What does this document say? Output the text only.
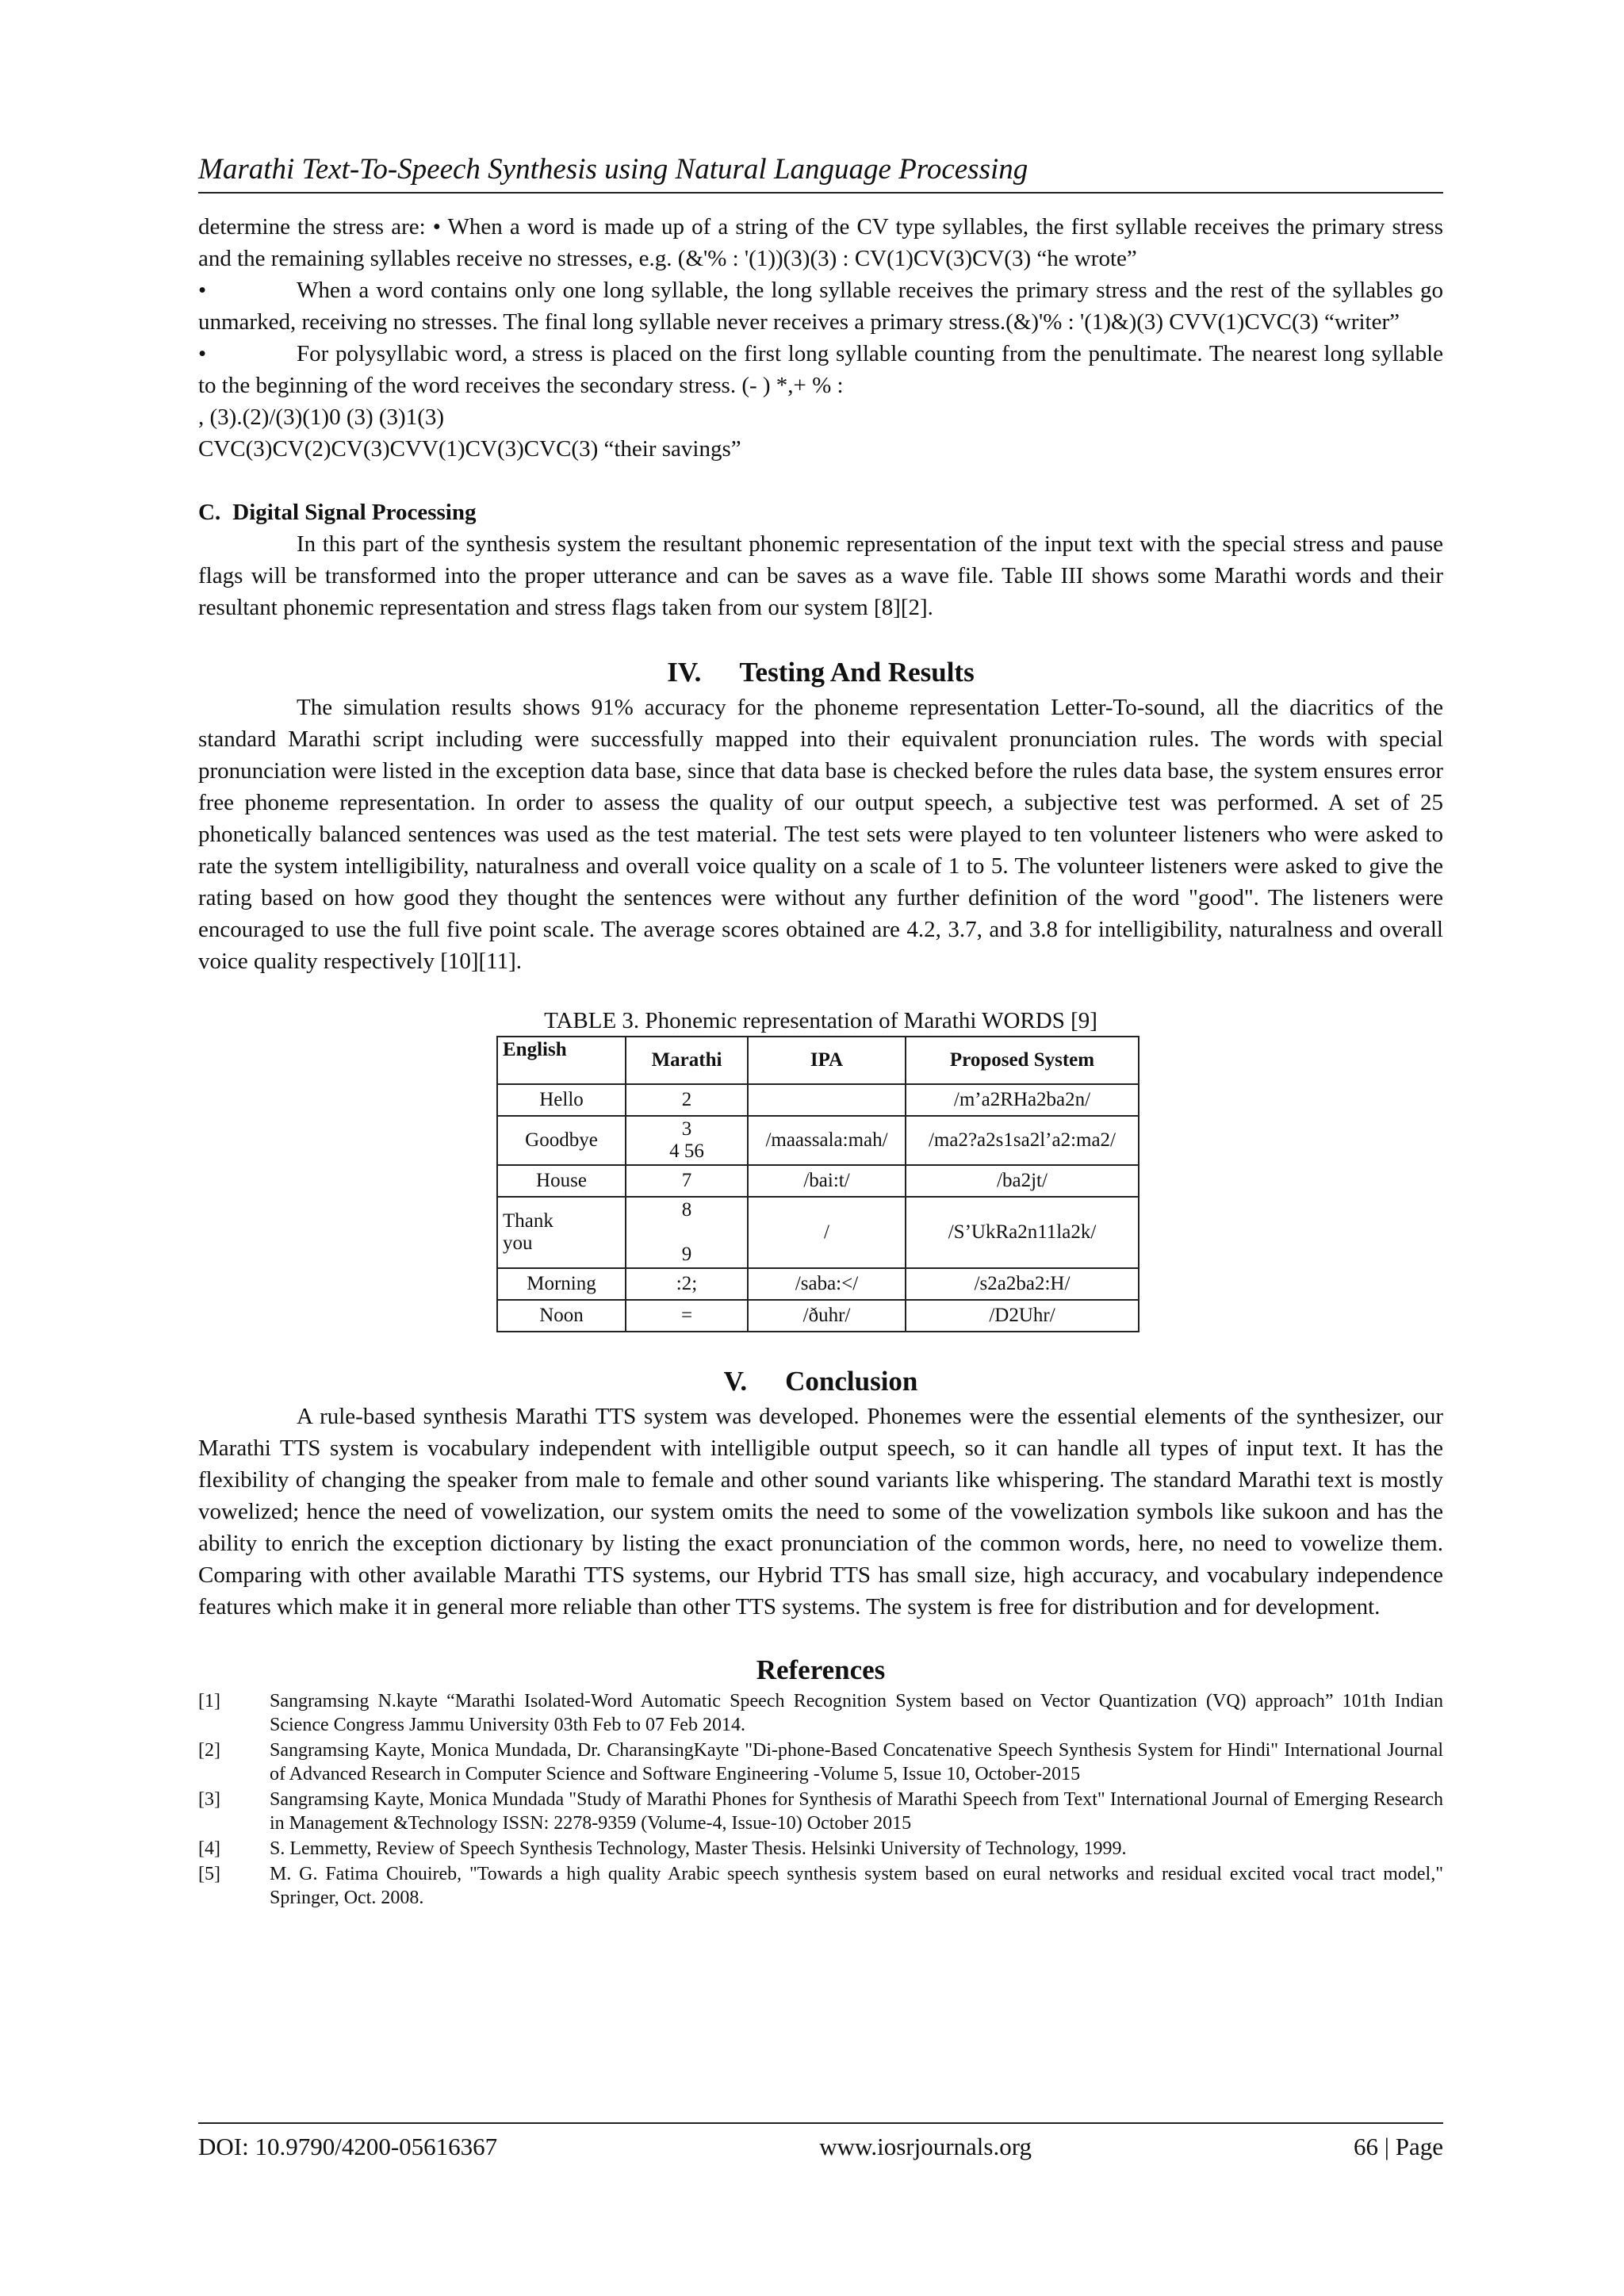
Marathi Text-To-Speech Synthesis using Natural Language Processing

determine the stress are: • When a word is made up of a string of the CV type syllables, the first syllable receives the primary stress and the remaining syllables receive no stresses, e.g. (&'% : '(1))(3)(3) : CV(1)CV(3)CV(3) “he wrote”

•	When a word contains only one long syllable, the long syllable receives the primary stress and the rest of the syllables go unmarked, receiving no stresses. The final long syllable never receives a primary stress.(&)'% : '(1)&)(3) CVV(1)CVC(3) “writer”

•	For polysyllabic word, a stress is placed on the first long syllable counting from the penultimate. The nearest long syllable to the beginning of the word receives the secondary stress. (- ) *,+ % :

, (3).(2)/(3)(1)0 (3) (3)1(3)

CVC(3)CV(2)CV(3)CVV(1)CV(3)CVC(3) “their savings”

C. Digital Signal Processing

In this part of the synthesis system the resultant phonemic representation of the input text with the special stress and pause flags will be transformed into the proper utterance and can be saves as a wave file. Table III shows some Marathi words and their resultant phonemic representation and stress flags taken from our system [8][2].

IV. Testing And Results

The simulation results shows 91% accuracy for the phoneme representation Letter-To-sound, all the diacritics of the standard Marathi script including were successfully mapped into their equivalent pronunciation rules. The words with special pronunciation were listed in the exception data base, since that data base is checked before the rules data base, the system ensures error free phoneme representation. In order to assess the quality of our output speech, a subjective test was performed. A set of 25 phonetically balanced sentences was used as the test material. The test sets were played to ten volunteer listeners who were asked to rate the system intelligibility, naturalness and overall voice quality on a scale of 1 to 5. The volunteer listeners were asked to give the rating based on how good they thought the sentences were without any further definition of the word "good". The listeners were encouraged to use the full five point scale. The average scores obtained are 4.2, 3.7, and 3.8 for intelligibility, naturalness and overall voice quality respectively [10][11].

TABLE 3. Phonemic representation of Marathi WORDS [9]
English	Marathi	IPA	Proposed System
Hello	2		/m’a2RHa2ba2n/
Goodbye	3
4 56	/maassala:mah/	/ma2?a2s1sa2l’a2:ma2/
House	7	/bai:t/	/ba2jt/
Thank
you	8

9	/	/S’UkRa2n11la2k/
Morning	:2;	/saba:</	/s2a2ba2:H/
Noon	=	/ðuhr/	/D2Uhr/
V. Conclusion

A rule-based synthesis Marathi TTS system was developed. Phonemes were the essential elements of the synthesizer, our Marathi TTS system is vocabulary independent with intelligible output speech, so it can handle all types of input text. It has the flexibility of changing the speaker from male to female and other sound variants like whispering. The standard Marathi text is mostly vowelized; hence the need of vowelization, our system omits the need to some of the vowelization symbols like sukoon and has the ability to enrich the exception dictionary by listing the exact pronunciation of the common words, here, no need to vowelize them. Comparing with other available Marathi TTS systems, our Hybrid TTS has small size, high accuracy, and vocabulary independence features which make it in general more reliable than other TTS systems. The system is free for distribution and for development.

References
[1]	Sangramsing N.kayte “Marathi Isolated-Word Automatic Speech Recognition System based on Vector Quantization (VQ) approach” 101th Indian Science Congress Jammu University 03th Feb to 07 Feb 2014.
[2]	Sangramsing Kayte, Monica Mundada, Dr. CharansingKayte "Di-phone-Based Concatenative Speech Synthesis System for Hindi" International Journal of Advanced Research in Computer Science and Software Engineering -Volume 5, Issue 10, October-2015
[3]	Sangramsing Kayte, Monica Mundada "Study of Marathi Phones for Synthesis of Marathi Speech from Text" International Journal of Emerging Research in Management &Technology ISSN: 2278-9359 (Volume-4, Issue-10) October 2015
[4]	S. Lemmetty, Review of Speech Synthesis Technology, Master Thesis. Helsinki University of Technology, 1999.
[5]	M. G. Fatima Chouireb, "Towards a high quality Arabic speech synthesis system based on eural networks and residual excited vocal tract model," Springer, Oct. 2008.
DOI: 10.9790/4200-05616367	www.iosrjournals.org	66 | Page
